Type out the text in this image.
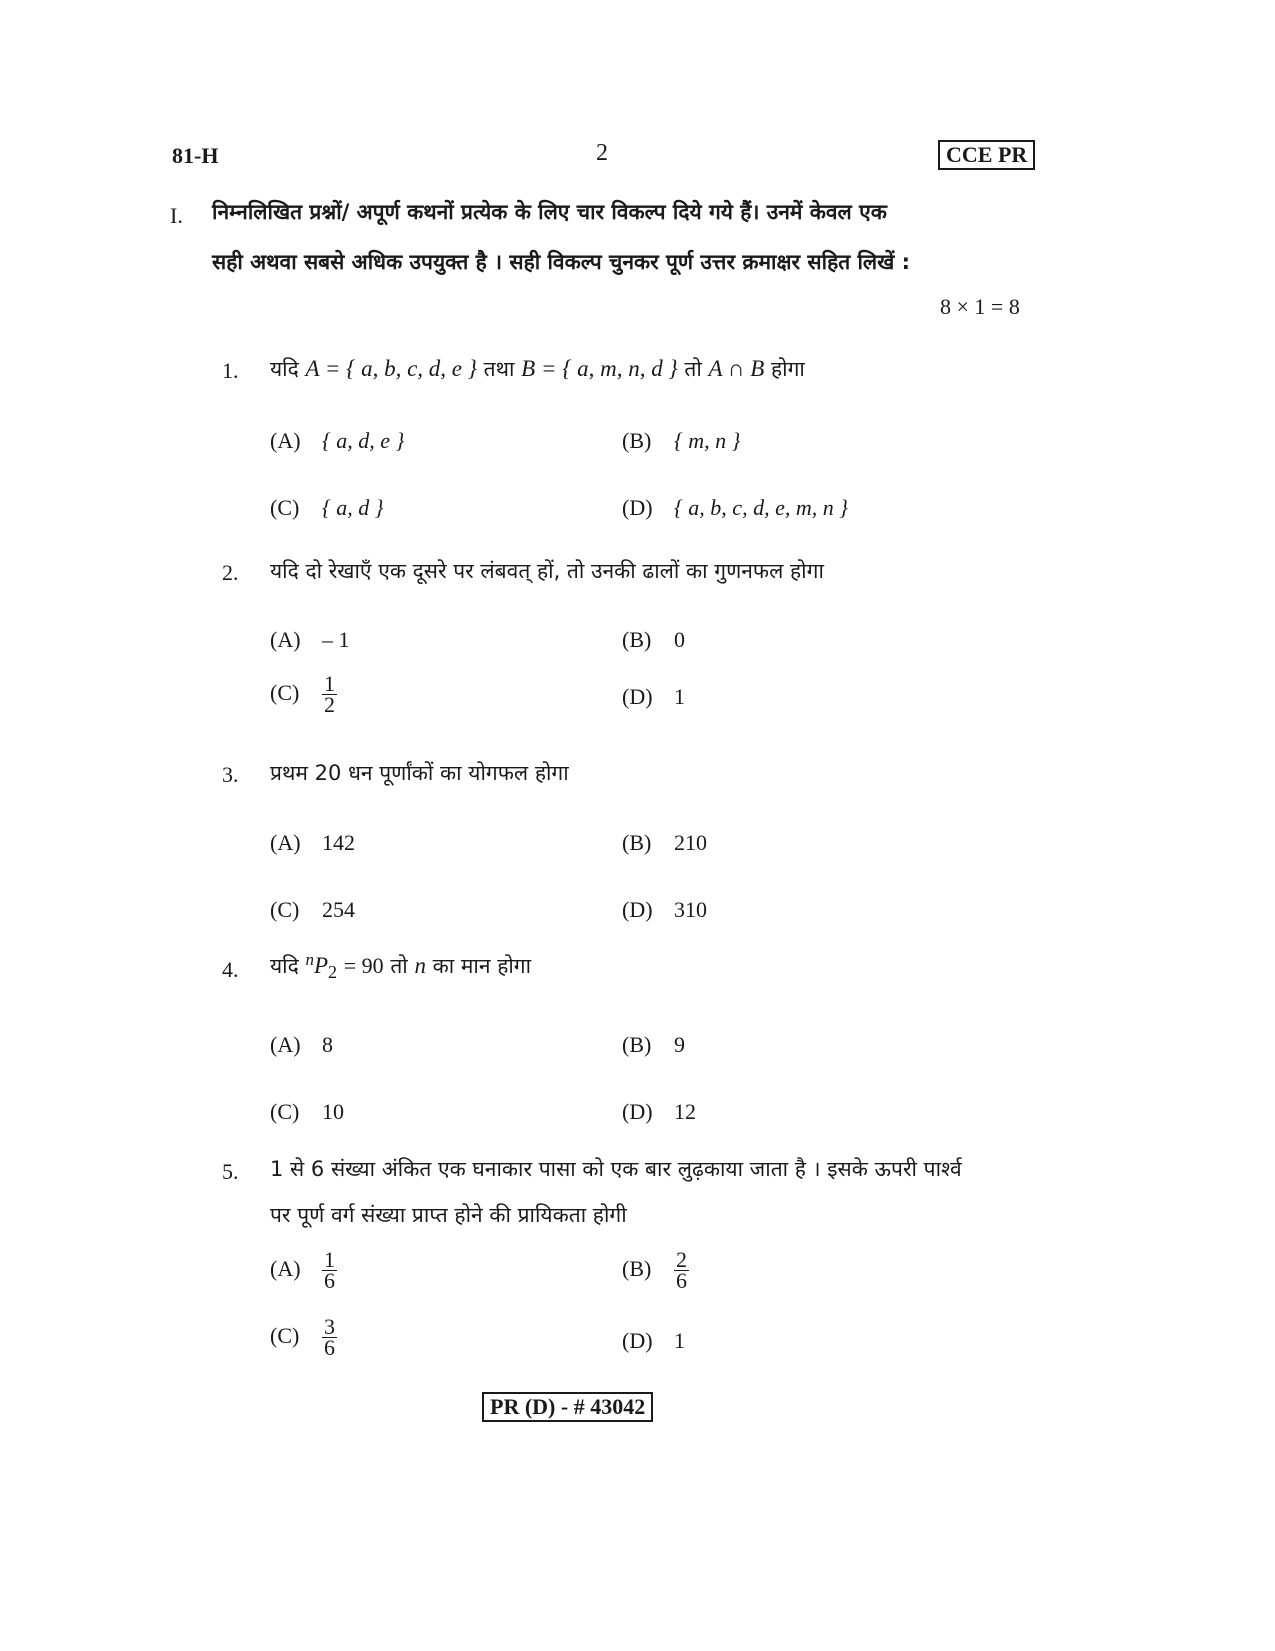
81-H	2	CCE PR
I. निम्नलिखित प्रश्नों/ अपूर्ण कथनों प्रत्येक के लिए चार विकल्प दिये गये हैं। उनमें केवल एक
सही अथवा सबसे अधिक उपयुक्त है । सही विकल्प चुनकर पूर्ण उत्तर क्रमाक्षर सहित लिखें :
8 × 1 = 8
1. यदि A = { a, b, c, d, e } तथा B = { a, m, n, d } तो A ∩ B होगा
(A) { a, d, e }	(B) { m, n }
(C) { a, d }	(D) { a, b, c, d, e, m, n }
2. यदि दो रेखाएँ एक दूसरे पर लंबवत् हों, तो उनकी ढालों का गुणनफल होगा
(A) – 1	(B) 0
$(C) \frac{1}{2}$	(D) 1
3. प्रथम 20 धन पूर्णांकों का योगफल होगा
(A) 142	(B) 210
(C) 254	(D) 310
4. यदि $^nP_2 = 90$ तो n का मान होगा
(A) 8	(B) 9
(C) 10	(D) 12
5. 1 से 6 संख्या अंकित एक घनाकार पासा को एक बार लुढ़काया जाता है । इसके ऊपरी पार्श्व
पर पूर्ण वर्ग संख्या प्राप्त होने की प्रायिकता होगी
$(A) \frac{1}{6}$	$(B) \frac{2}{6}$
$(C) \frac{3}{6}$	(D) 1
PR (D) - # 43042
